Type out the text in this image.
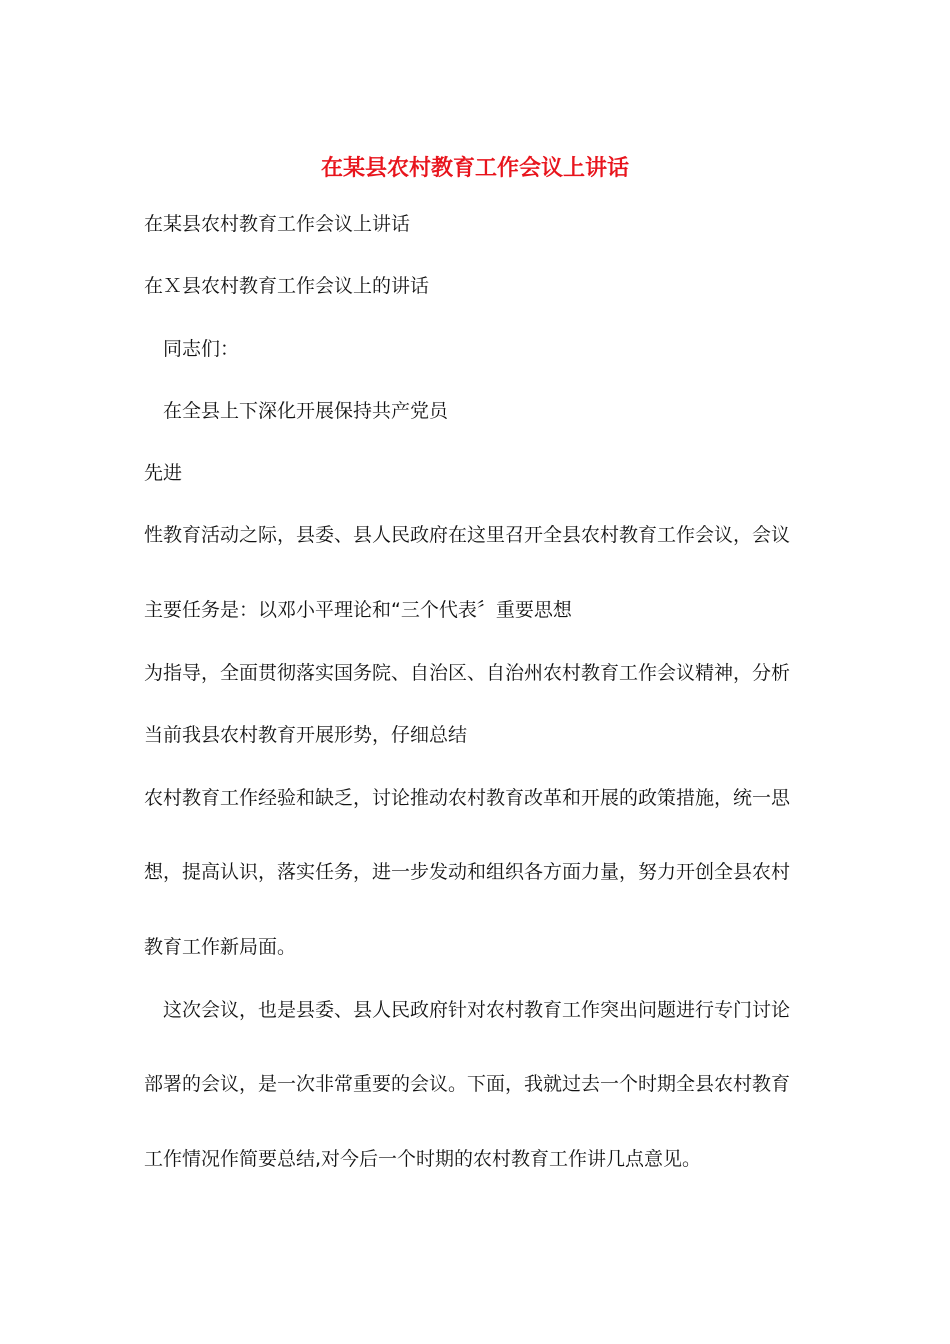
在某县农村教育工作会议上讲话
在某县农村教育工作会议上讲话
在Ｘ县农村教育工作会议上的讲话
同志们：
在全县上下深化开展保持共产党员
先进
性教育活动之际，县委、县人民政府在这里召开全县农村教育工作会议，会议
主要任务是：以邓小平理论和“三个代表〞重要思想
为指导，全面贯彻落实国务院、自治区、自治州农村教育工作会议精神，分析
当前我县农村教育开展形势，仔细总结
农村教育工作经验和缺乏，讨论推动农村教育改革和开展的政策措施，统一思
想，提高认识，落实任务，进一步发动和组织各方面力量，努力开创全县农村
教育工作新局面。
这次会议，也是县委、县人民政府针对农村教育工作突出问题进行专门讨论
部署的会议，是一次非常重要的会议。下面，我就过去一个时期全县农村教育
工作情况作简要总结,对今后一个时期的农村教育工作讲几点意见。
